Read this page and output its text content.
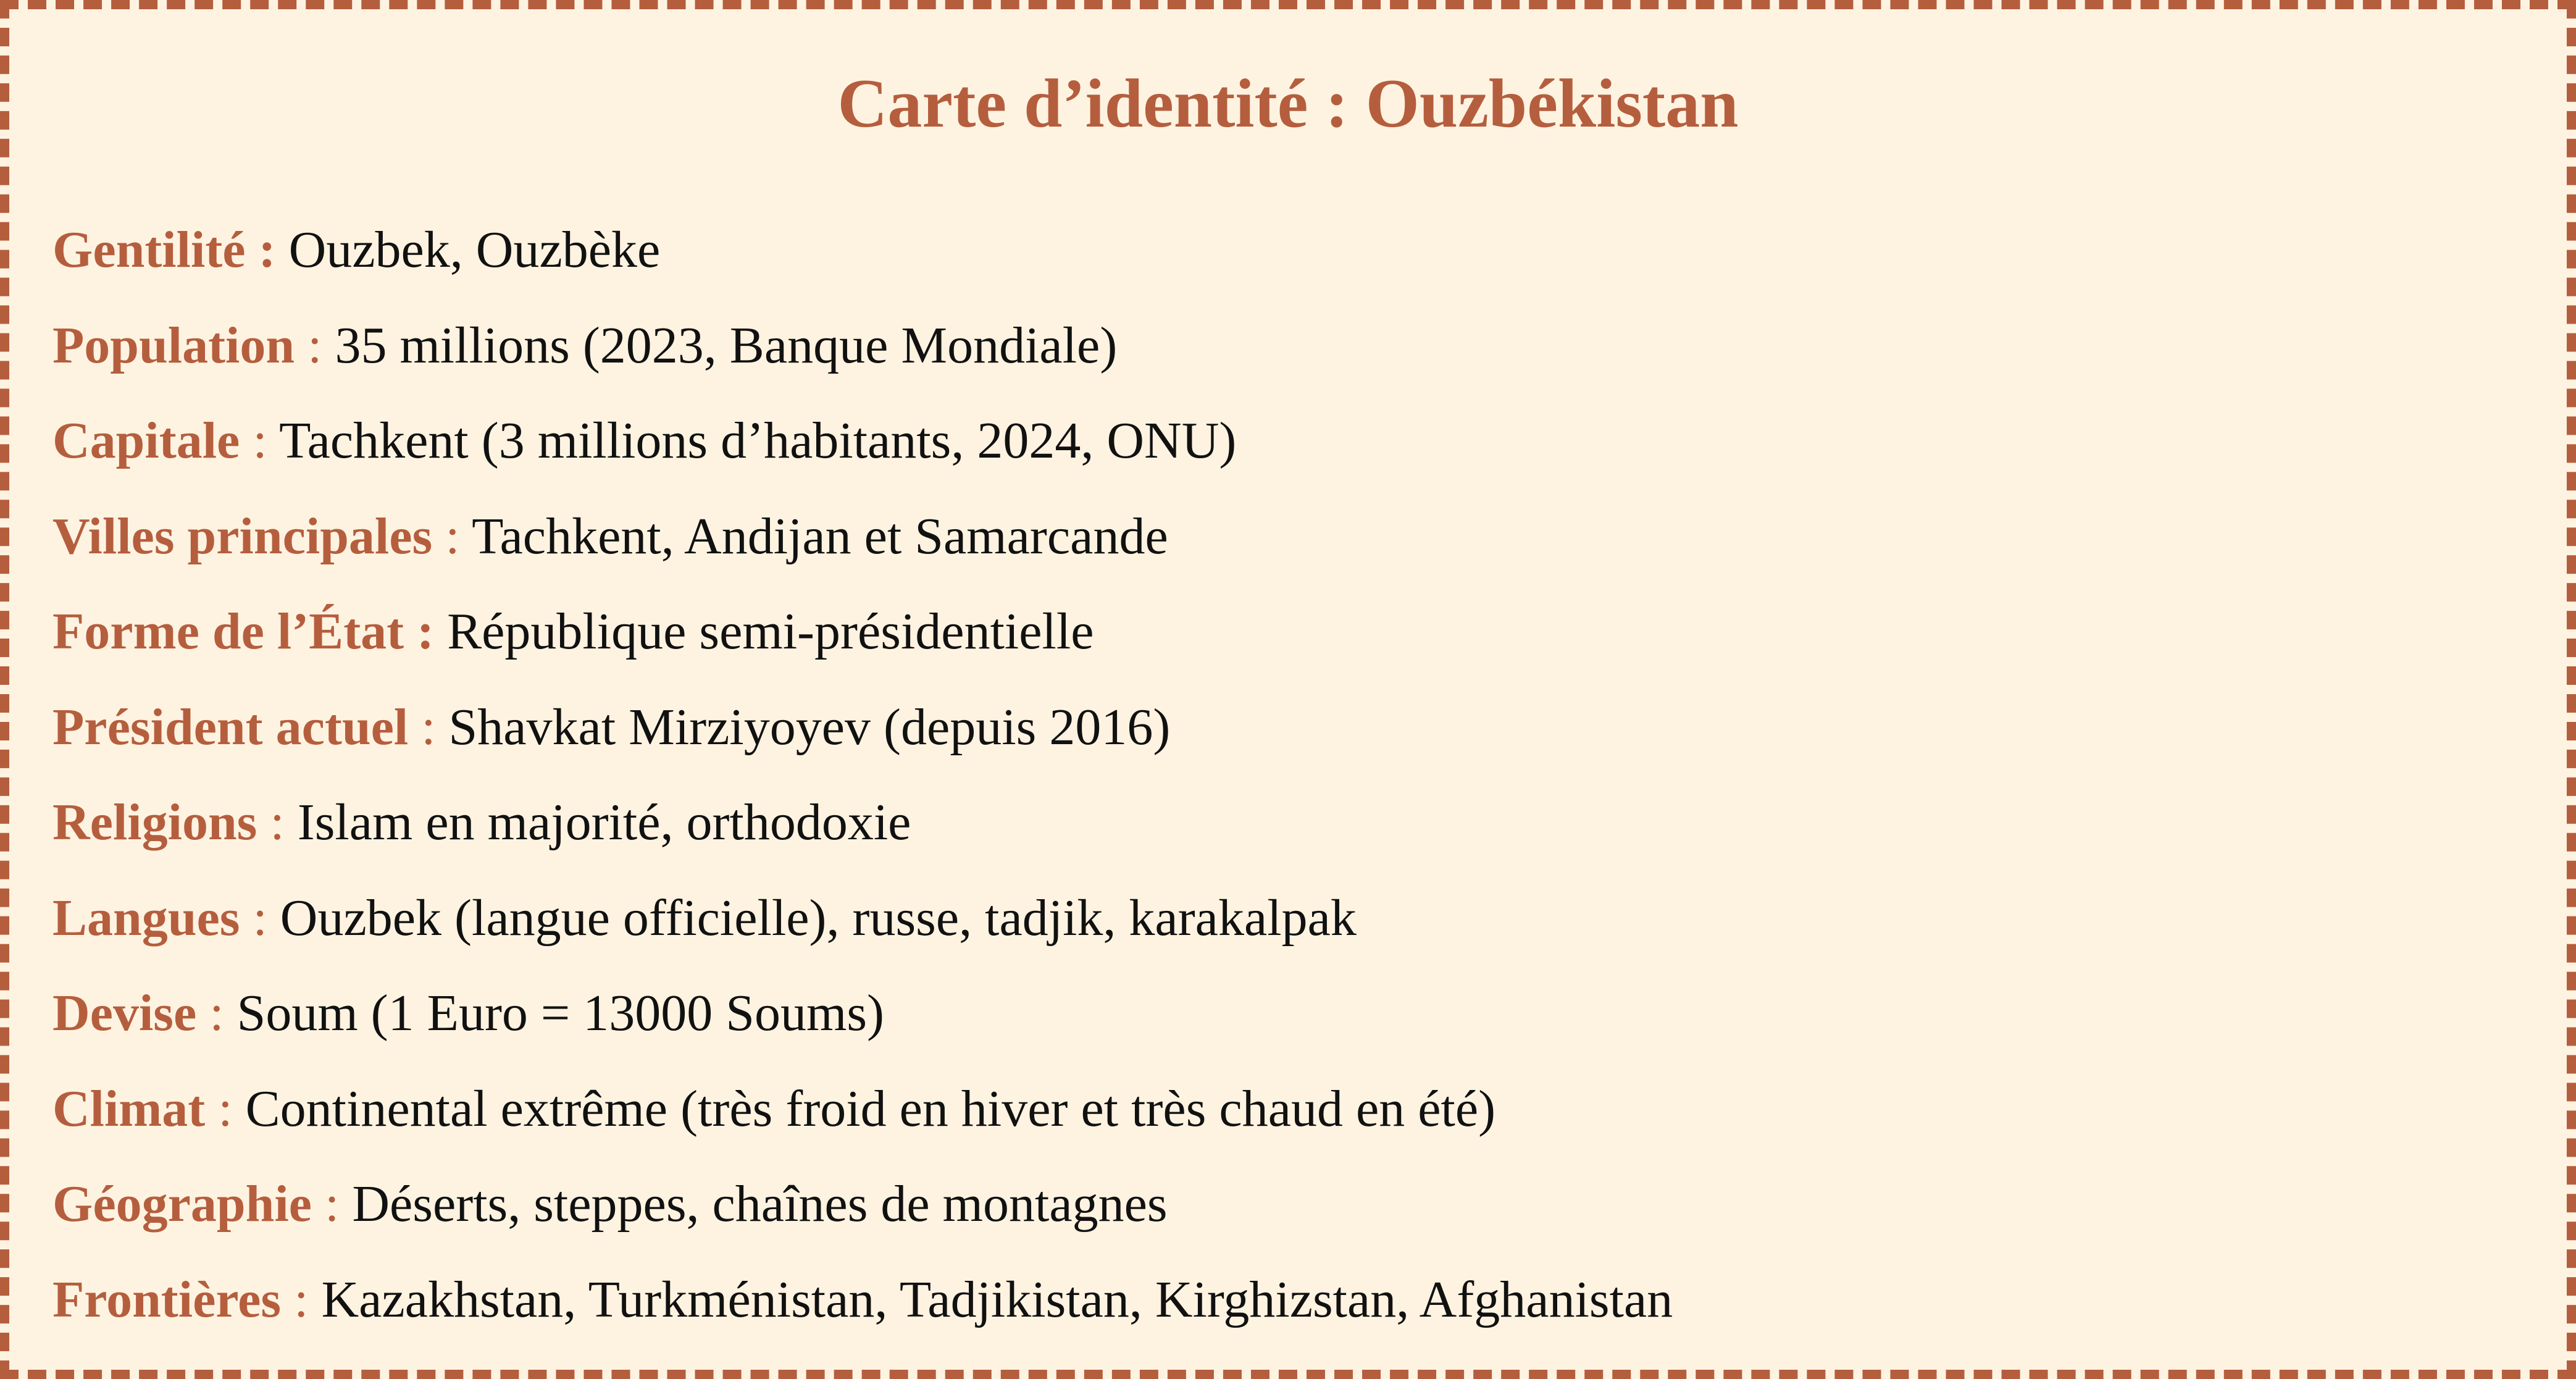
Carte d’identité : Ouzbékistan
Gentilité : Ouzbek, Ouzbèke
Population : 35 millions (2023, Banque Mondiale)
Capitale : Tachkent (3 millions d’habitants, 2024, ONU)
Villes principales : Tachkent, Andijan et Samarcande
Forme de l’État : République semi-présidentielle
Président actuel : Shavkat Mirziyoyev (depuis 2016)
Religions : Islam en majorité, orthodoxie
Langues : Ouzbek (langue officielle), russe, tadjik, karakalpak
Devise : Soum (1 Euro = 13000 Soums)
Climat : Continental extrême (très froid en hiver et très chaud en été)
Géographie : Déserts, steppes, chaînes de montagnes
Frontières : Kazakhstan, Turkménistan, Tadjikistan, Kirghizstan, Afghanistan
